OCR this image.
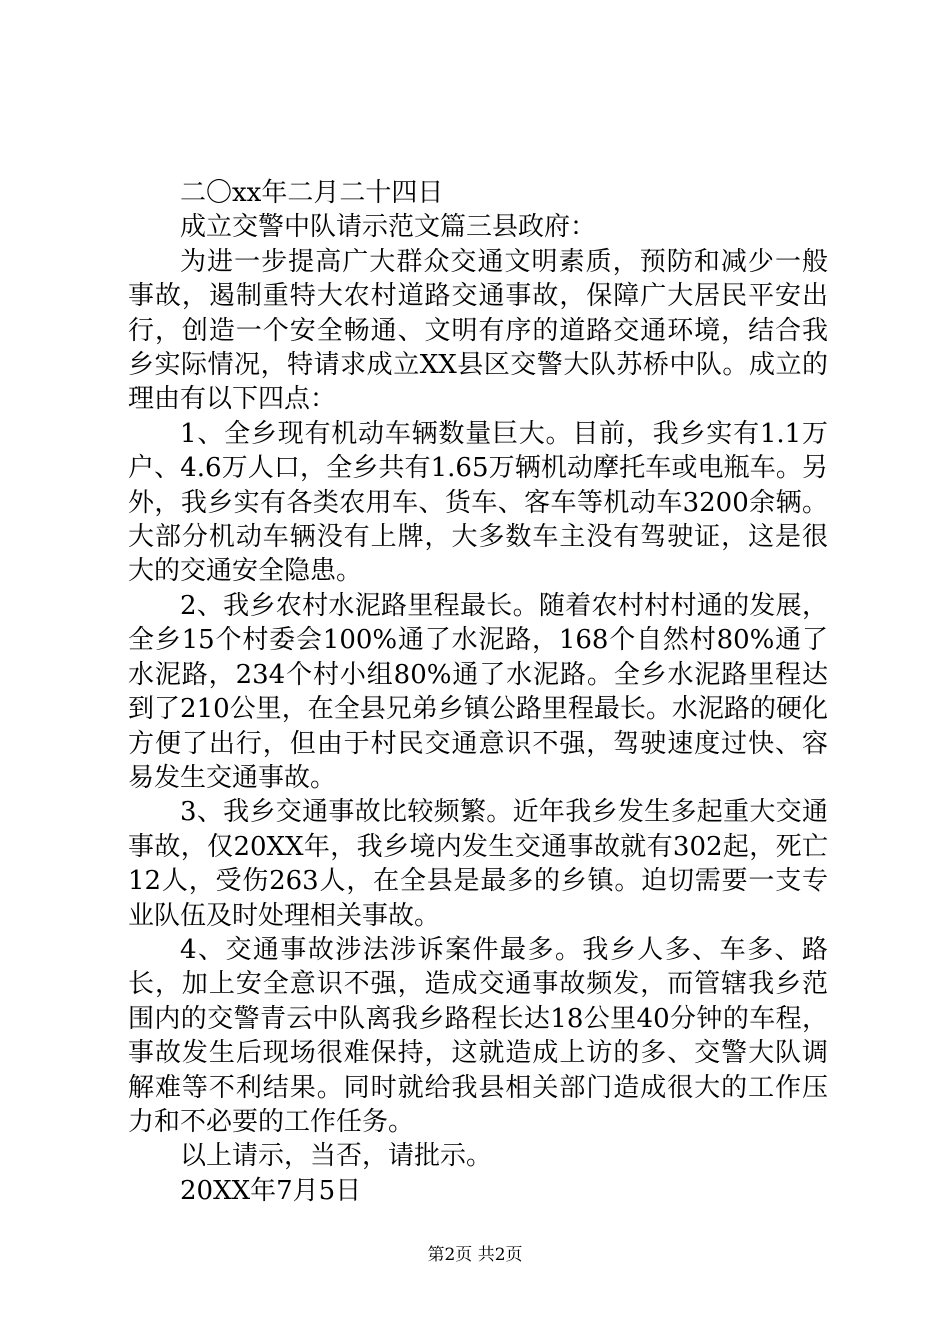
二〇xx年二月二十四日

成立交警中队请示范文篇三县政府：

为进一步提高广大群众交通文明素质，预防和减少一般事故，遏制重特大农村道路交通事故，保障广大居民平安出行，创造一个安全畅通、文明有序的道路交通环境，结合我乡实际情况，特请求成立XX县区交警大队苏桥中队。成立的理由有以下四点：

1、全乡现有机动车辆数量巨大。目前，我乡实有1.1万户、4.6万人口，全乡共有1.65万辆机动摩托车或电瓶车。另外，我乡实有各类农用车、货车、客车等机动车3200余辆。大部分机动车辆没有上牌，大多数车主没有驾驶证，这是很大的交通安全隐患。

2、我乡农村水泥路里程最长。随着农村村村通的发展，全乡15个村委会100%通了水泥路，168个自然村80%通了水泥路，234个村小组80%通了水泥路。全乡水泥路里程达到了210公里，在全县兄弟乡镇公路里程最长。水泥路的硬化方便了出行，但由于村民交通意识不强，驾驶速度过快、容易发生交通事故。

3、我乡交通事故比较频繁。近年我乡发生多起重大交通事故，仅20XX年，我乡境内发生交通事故就有302起，死亡12人，受伤263人，在全县是最多的乡镇。迫切需要一支专业队伍及时处理相关事故。

4、交通事故涉法涉诉案件最多。我乡人多、车多、路长，加上安全意识不强，造成交通事故频发，而管辖我乡范围内的交警青云中队离我乡路程长达18公里40分钟的车程，事故发生后现场很难保持，这就造成上访的多、交警大队调解难等不利结果。同时就给我县相关部门造成很大的工作压力和不必要的工作任务。

以上请示，当否，请批示。

20XX年7月5日

第2页 共2页
